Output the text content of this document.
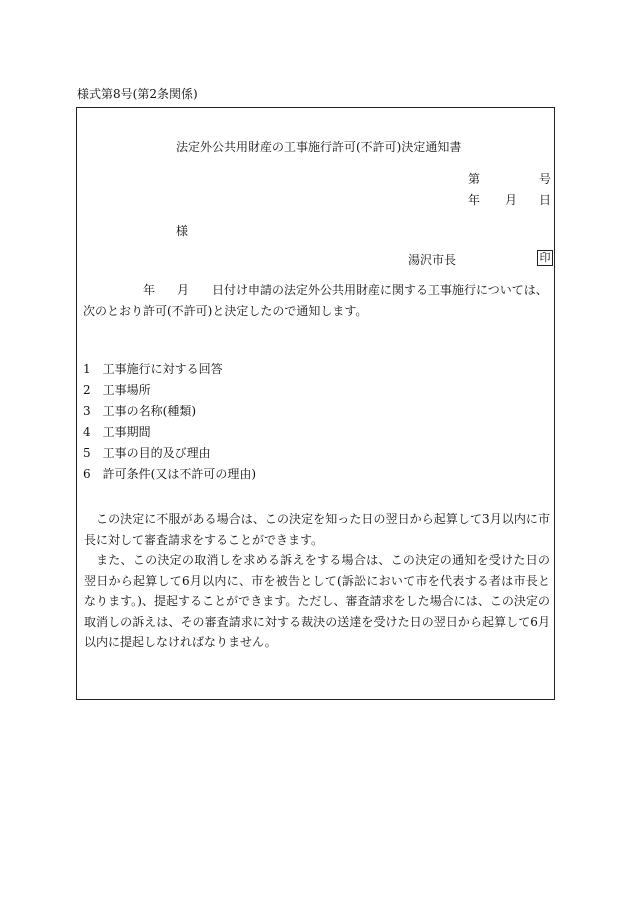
様式第8号(第2条関係)
法定外公共用財産の工事施行許可(不許可)決定通知書
第	号
年 月 日
様
湯沢市長	印
年 月 日付け申請の法定外公共用財産に関する工事施行については、
次のとおり許可(不許可)と決定したので通知します。
1 工事施行に対する回答
2 工事場所
3 工事の名称(種類)
4 工事期間
5 工事の目的及び理由
6 許可条件(又は不許可の理由)
この決定に不服がある場合は、この決定を知った日の翌日から起算して3月以内に市長に対して審査請求をすることができます。
また、この決定の取消しを求める訴えをする場合は、この決定の通知を受けた日の翌日から起算して6月以内に、市を被告として(訴訟において市を代表する者は市長となります。)、提起することができます。ただし、審査請求をした場合には、この決定の取消しの訴えは、その審査請求に対する裁決の送達を受けた日の翌日から起算して6月以内に提起しなければなりません。
